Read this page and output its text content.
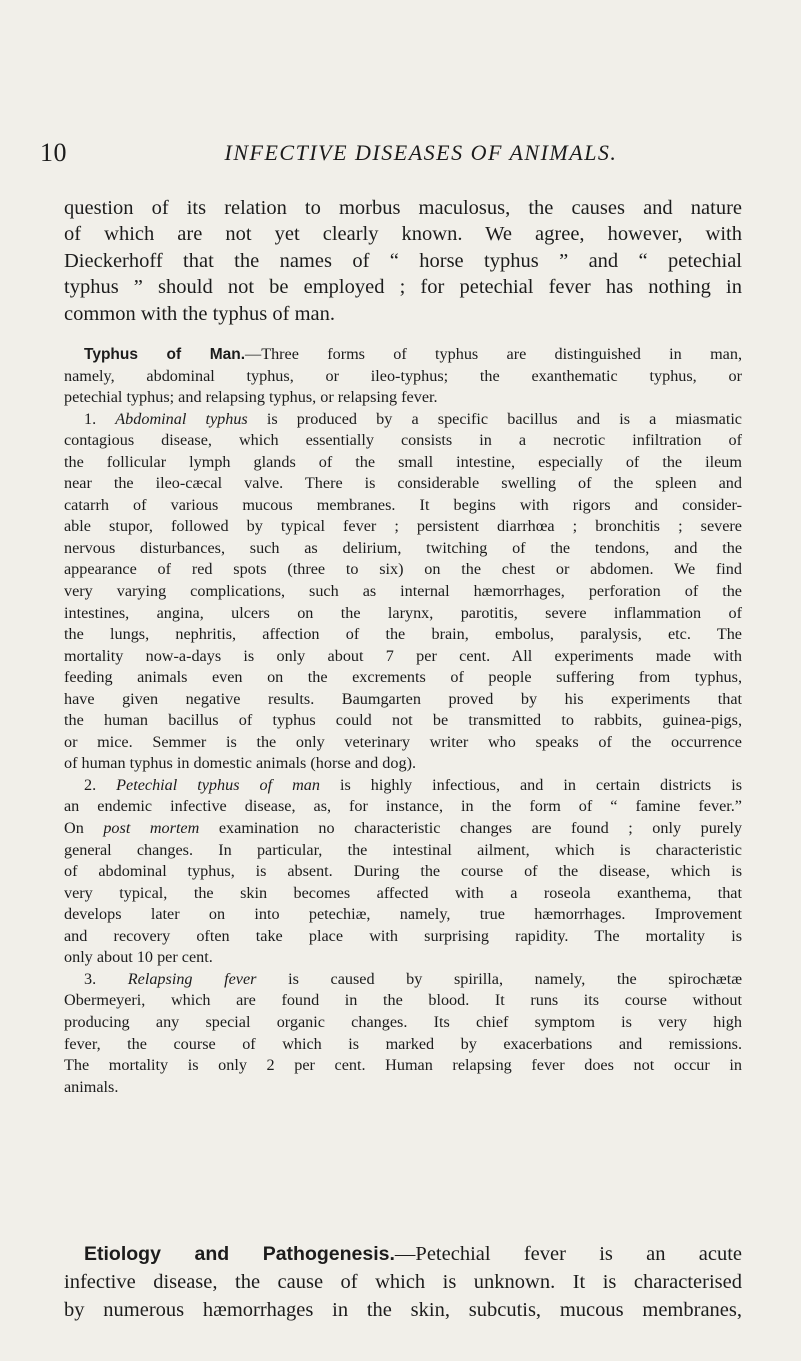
10	INFECTIVE DISEASES OF ANIMALS.
question of its relation to morbus maculosus, the causes and nature
of which are not yet clearly known. We agree, however, with
Dieckerhoff that the names of “ horse typhus ” and “ petechial
typhus ” should not be employed ; for petechial fever has nothing in
common with the typhus of man.
Typhus of Man.—Three forms of typhus are distinguished in man,
namely, abdominal typhus, or ileo-typhus; the exanthematic typhus, or
petechial typhus; and relapsing typhus, or relapsing fever.
1. Abdominal typhus is produced by a specific bacillus and is a miasmatic
contagious disease, which essentially consists in a necrotic infiltration of
the follicular lymph glands of the small intestine, especially of the ileum
near the ileo-cæcal valve. There is considerable swelling of the spleen and
catarrh of various mucous membranes. It begins with rigors and consider-
able stupor, followed by typical fever ; persistent diarrhœa ; bronchitis ; severe
nervous disturbances, such as delirium, twitching of the tendons, and the
appearance of red spots (three to six) on the chest or abdomen. We find
very varying complications, such as internal hæmorrhages, perforation of the
intestines, angina, ulcers on the larynx, parotitis, severe inflammation of
the lungs, nephritis, affection of the brain, embolus, paralysis, etc. The
mortality now-a-days is only about 7 per cent. All experiments made with
feeding animals even on the excrements of people suffering from typhus,
have given negative results. Baumgarten proved by his experiments that
the human bacillus of typhus could not be transmitted to rabbits, guinea-pigs,
or mice. Semmer is the only veterinary writer who speaks of the occurrence
of human typhus in domestic animals (horse and dog).
2. Petechial typhus of man is highly infectious, and in certain districts is
an endemic infective disease, as, for instance, in the form of “ famine fever.”
On post mortem examination no characteristic changes are found ; only purely
general changes. In particular, the intestinal ailment, which is characteristic
of abdominal typhus, is absent. During the course of the disease, which is
very typical, the skin becomes affected with a roseola exanthema, that
develops later on into petechiæ, namely, true hæmorrhages. Improvement
and recovery often take place with surprising rapidity. The mortality is
only about 10 per cent.
3. Relapsing fever is caused by spirilla, namely, the spirochætæ
Obermeyeri, which are found in the blood. It runs its course without
producing any special organic changes. Its chief symptom is very high
fever, the course of which is marked by exacerbations and remissions.
The mortality is only 2 per cent. Human relapsing fever does not occur in
animals.
Etiology and Pathogenesis.—Petechial fever is an acute
infective disease, the cause of which is unknown. It is characterised
by numerous hæmorrhages in the skin, subcutis, mucous membranes,
